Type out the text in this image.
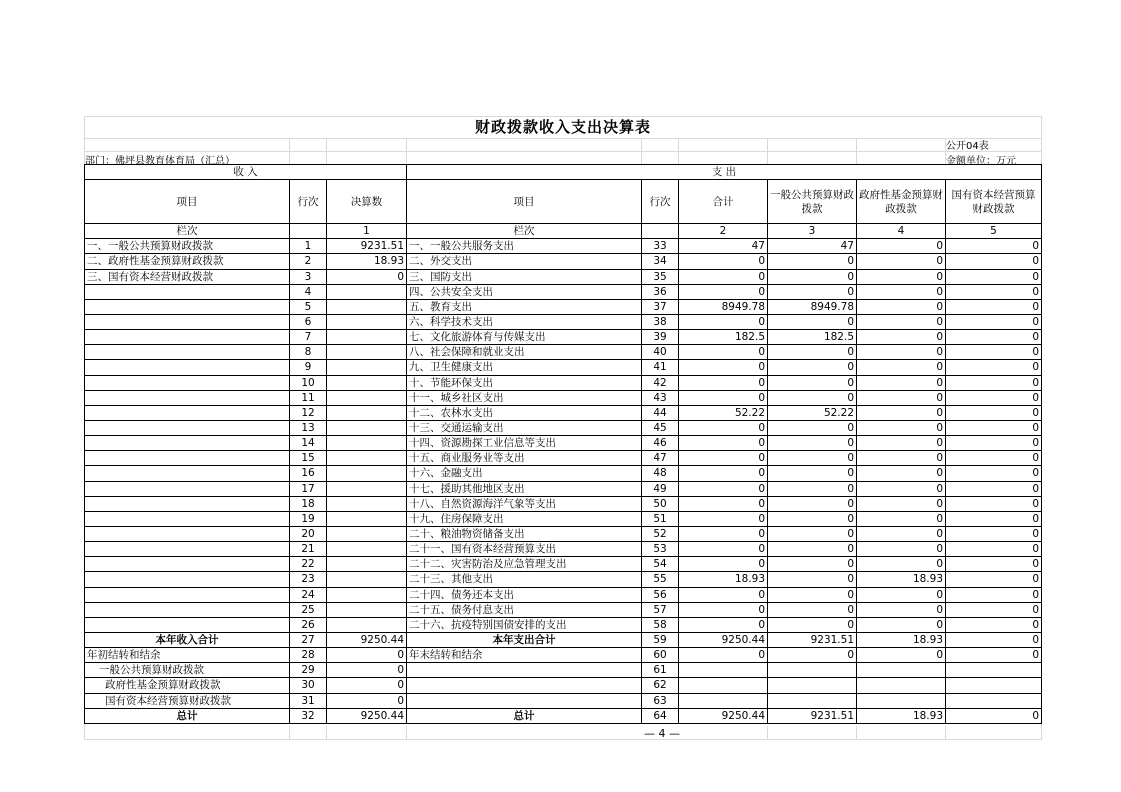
财政拨款收入支出决算表
公开04表
部门：佛坪县教育体育局（汇总）	金额单位：万元
收 入			支 出					
项目	行次	决算数	项目	行次	合计	一般公共预算财政拨款	政府性基金预算财政拨款	国有资本经营预算财政拨款
栏次		1	栏次		2	3	4	5
一、一般公共预算财政拨款	1	9231.51	一、一般公共服务支出	33	47	47	0	0
二、政府性基金预算财政拨款	2	18.93	二、外交支出	34	0	0	0	0
三、国有资本经营财政拨款	3	0	三、国防支出	35	0	0	0	0
	4		四、公共安全支出	36	0	0	0	0
	5		五、教育支出	37	8949.78	8949.78	0	0
	6		六、科学技术支出	38	0	0	0	0
	7		七、文化旅游体育与传媒支出	39	182.5	182.5	0	0
	8		八、社会保障和就业支出	40	0	0	0	0
	9		九、卫生健康支出	41	0	0	0	0
	10		十、节能环保支出	42	0	0	0	0
	11		十一、城乡社区支出	43	0	0	0	0
	12		十二、农林水支出	44	52.22	52.22	0	0
	13		十三、交通运输支出	45	0	0	0	0
	14		十四、资源勘探工业信息等支出	46	0	0	0	0
	15		十五、商业服务业等支出	47	0	0	0	0
	16		十六、金融支出	48	0	0	0	0
	17		十七、援助其他地区支出	49	0	0	0	0
	18		十八、自然资源海洋气象等支出	50	0	0	0	0
	19		十九、住房保障支出	51	0	0	0	0
	20		二十、粮油物资储备支出	52	0	0	0	0
	21		二十一、国有资本经营预算支出	53	0	0	0	0
	22		二十二、灾害防治及应急管理支出	54	0	0	0	0
	23		二十三、其他支出	55	18.93	0	18.93	0
	24		二十四、债务还本支出	56	0	0	0	0
	25		二十五、债务付息支出	57	0	0	0	0
	26		二十六、抗疫特别国债安排的支出	58	0	0	0	0
本年收入合计	27	9250.44	本年支出合计	59	9250.44	9231.51	18.93	0
年初结转和结余	28	0	年末结转和结余	60	0	0	0	0
一般公共预算财政拨款	29	0		61				
政府性基金预算财政拨款	30	0		62				
国有资本经营预算财政拨款	31	0		63				
总计	32	9250.44	总计	64	9250.44	9231.51	18.93	0
— 4 —
